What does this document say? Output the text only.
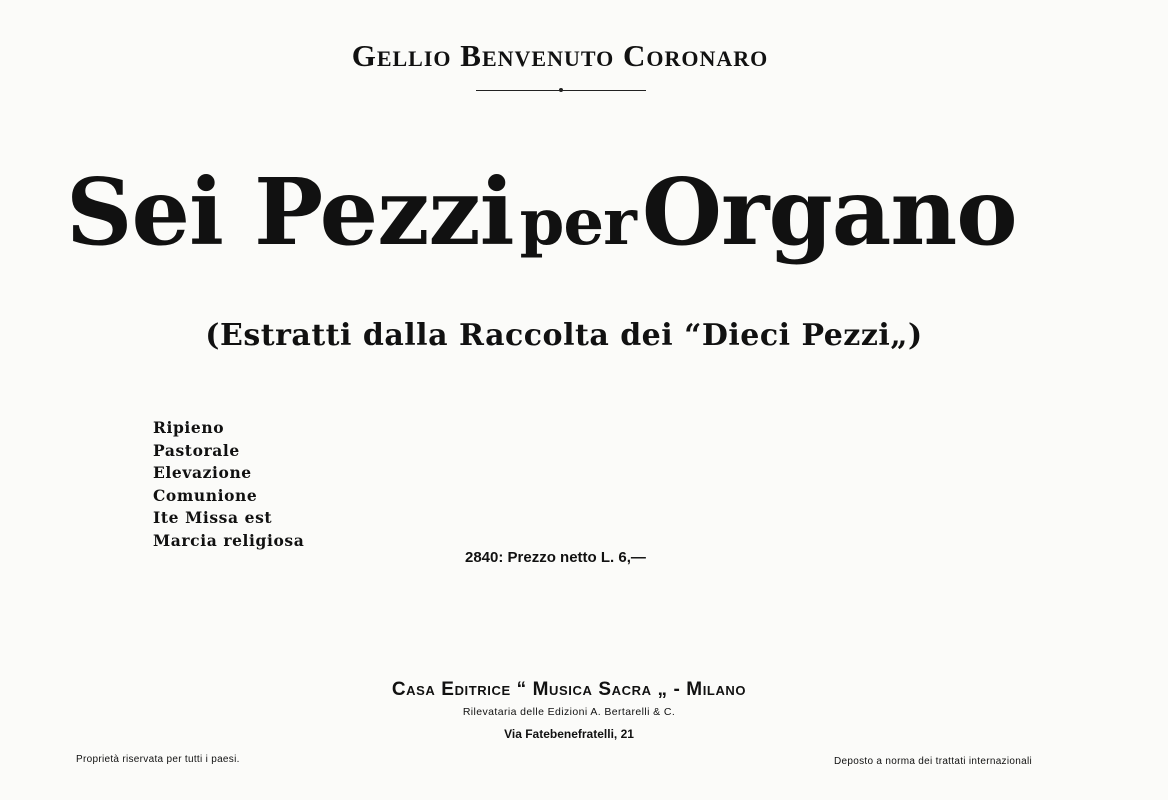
Gellio Benvenuto Coronaro
Sei PezziperOrgano
(Estratti dalla Raccolta dei “Dieci Pezzi„)
Ripieno
Pastorale
Elevazione
Comunione
Ite Missa est
Marcia religiosa
2840: Prezzo netto L. 6,—
Casa Editrice “ Musica Sacra „ - Milano
Rilevataria delle Edizioni A. Bertarelli & C.
Via Fatebenefratelli, 21
Proprietà riservata per tutti i paesi.	Deposto a norma dei trattati internazionali
